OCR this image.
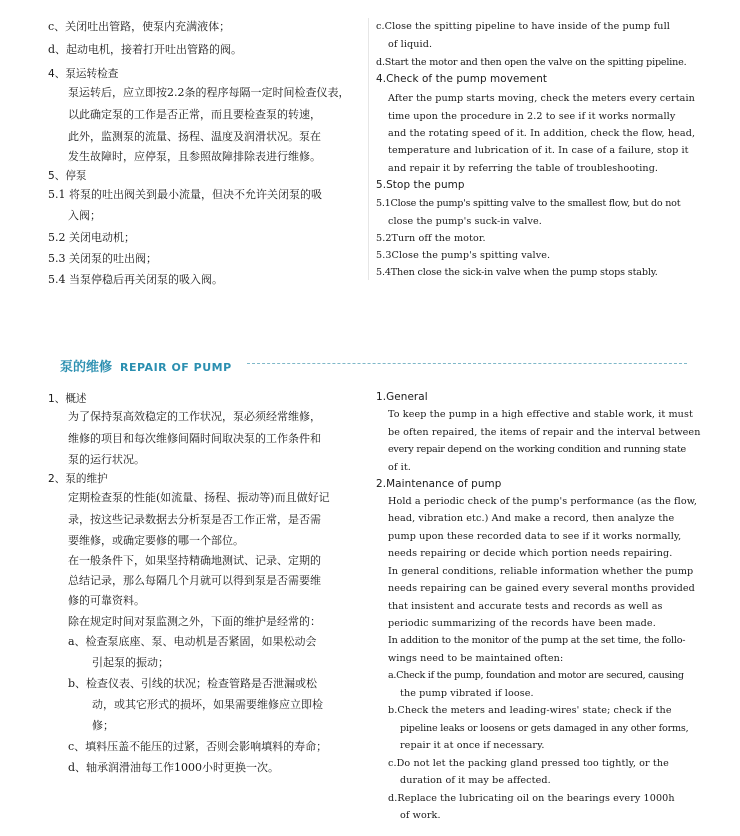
c、关闭吐出管路，使泵内充满液体；
d、起动电机，接着打开吐出管路的阀。
4、泵运转检查
泵运转后，应立即按2.2条的程序每隔一定时间检查仪表，
以此确定泵的工作是否正常，而且要检查泵的转速，
此外，监测泵的流量、扬程、温度及润滑状况。泵在
发生故障时，应停泵，且参照故障排除表进行维修。
5、停泵
5.1 将泵的吐出阀关到最小流量，但决不允许关闭泵的吸
入阀；
5.2 关闭电动机；
5.3 关闭泵的吐出阀；
5.4 当泵停稳后再关闭泵的吸入阀。
c.Close the spitting pipeline to have inside of the pump full
of liquid.
d.Start the motor and then open the valve on the spitting pipeline.
4.Check of the pump movement
After the pump starts moving, check the meters every certain
time upon the procedure in 2.2 to see if it works normally
and the rotating speed of it. In addition, check the flow, head,
temperature and lubrication of it. In case of a failure, stop it
and repair it by referring the table of troubleshooting.
5.Stop the pump
5.1Close the pump's spitting valve to the smallest flow, but do not
close the pump's suck-in valve.
5.2Turn off the motor.
5.3Close the pump's spitting valve.
5.4Then close the sick-in valve when the pump stops stably.
泵的维修 REPAIR OF PUMP
1、概述
为了保持泵高效稳定的工作状况，泵必须经常维修，
维修的项目和每次维修间隔时间取决泵的工作条件和
泵的运行状况。
2、泵的维护
定期检查泵的性能(如流量、扬程、振动等)而且做好记
录，按这些记录数据去分析泵是否工作正常，是否需
要维修，或确定要修的哪一个部位。
在一般条件下，如果坚持精确地测试、记录、定期的
总结记录，那么每隔几个月就可以得到泵是否需要维
修的可靠资料。
除在规定时间对泵监测之外，下面的维护是经常的：
a、检查泵底座、泵、电动机是否紧固，如果松动会
引起泵的振动；
b、检查仪表、引线的状况；检查管路是否泄漏或松
动，或其它形式的损坏，如果需要维修应立即检
修；
c、填料压盖不能压的过紧，否则会影响填料的寿命；
d、轴承润滑油每工作1000小时更换一次。
1.General
To keep the pump in a high effective and stable work, it must
be often repaired, the items of repair and the interval between
every repair depend on the working condition and running state
of it.
2.Maintenance of pump
Hold a periodic check of the pump's performance (as the flow,
head, vibration etc.) And make a record, then analyze the
pump upon these recorded data to see if it works normally,
needs repairing or decide which portion needs repairing.
In general conditions, reliable information whether the pump
needs repairing can be gained every several months provided
that insistent and accurate tests and records as well as
periodic summarizing of the records have been made.
In addition to the monitor of the pump at the set time, the follo-
wings need to be maintained often:
a.Check if the pump, foundation and motor are secured, causing
the pump vibrated if loose.
b.Check the meters and leading-wires' state; check if the
pipeline leaks or loosens or gets damaged in any other forms,
repair it at once if necessary.
c.Do not let the packing gland pressed too tightly, or the
duration of it may be affected.
d.Replace the lubricating oil on the bearings every 1000h
of work.
